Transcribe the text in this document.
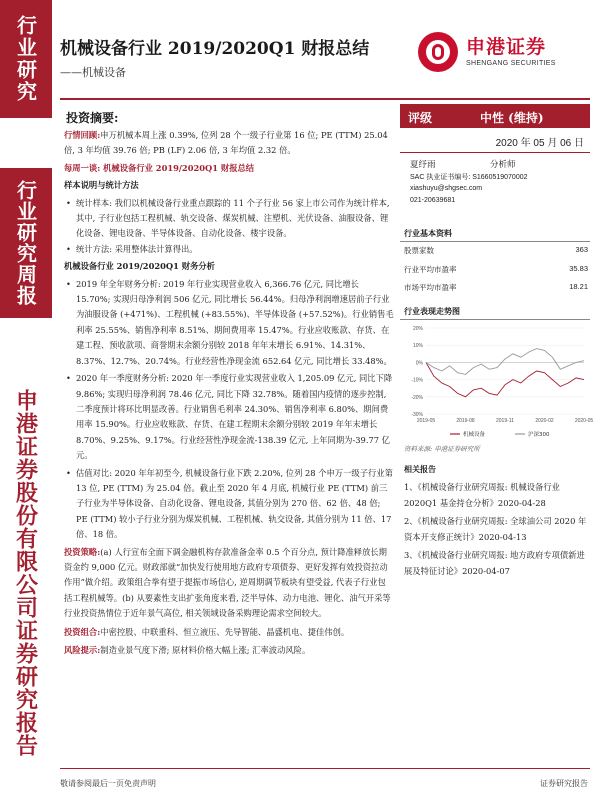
行业研究
行业研究周报
申港证券股份有限公司证券研究报告
机械设备行业 2019/2020Q1 财报总结
——机械设备
申港证券
SHENGANG SECURITIES
投资摘要:

行情回顾:申万机械本周上涨 0.39%, 位列 28 个一级子行业第 16 位; PE (TTM) 25.04 倍, 3 年均值 39.76 倍; PB (LF) 2.06 倍, 3 年均值 2.32 倍。

每周一谈: 机械设备行业 2019/2020Q1 财报总结

样本说明与统计方法

• 统计样本: 我们以机械设备行业重点跟踪的 11 个子行业 56 家上市公司作为统计样本, 其中, 子行业包括工程机械、轨交设备、煤炭机械、注塑机、光伏设备、油服设备、锂化设备、锂电设备、半导体设备、自动化设备、楼宇设备。

• 统计方法: 采用整体法计算得出。

机械设备行业 2019/2020Q1 财务分析

• 2019 年全年财务分析: 2019 年行业实现营业收入 6,366.76 亿元, 同比增长 15.70%; 实现归母净利润 506 亿元, 同比增长 56.44%。归母净利润增速居前子行业为油服设备 (+471%)、工程机械 (+83.55%)、半导体设备 (+57.52%)。行业销售毛利率 25.55%、销售净利率 8.51%、期间费用率 15.47%。行业应收账款、存货、在建工程、预收款项、商誉期末余额分别较 2018 年年末增长 6.91%、14.31%、8.37%、12.7%、20.74%。行业经营性净现金流 652.64 亿元, 同比增长 33.48%。

• 2020 年一季度财务分析: 2020 年一季度行业实现营业收入 1,205.09 亿元, 同比下降 9.86%; 实现归母净利润 78.46 亿元, 同比下降 32.78%。随着国内疫情的逐步控制, 二季度预计将环比明显改善。行业销售毛利率 24.30%、销售净利率 6.80%、期间费用率 15.90%。行业应收账款、存货、在建工程期末余额分别较 2019 年年末增长 8.70%、9.25%、9.17%。行业经营性净现金流-138.39 亿元, 上年同期为-39.77 亿元。

• 估值对比: 2020 年年初至今, 机械设备行业下跌 2.20%, 位列 28 个申万一级子行业第 13 位, PE (TTM) 为 25.04 倍。截止至 2020 年 4 月底, 机械行业 PE (TTM) 前三子行业为半导体设备、自动化设备、锂电设备, 其值分别为 270 倍、62 倍、48 倍; PE (TTM) 较小子行业分别为煤炭机械、工程机械、轨交设备, 其值分别为 11 倍、17 倍、18 倍。

投资策略:(a) 人行宣布全面下调金融机构存款准备金率 0.5 个百分点, 预计降准释放长期资金约 9,000 亿元。财政部就“加快发行使用地方政府专项债券、更好发挥有效投资拉动作用”做介绍。政策组合拳有望于提振市场信心, 逆周期调节板块有望受益, 代表子行业包括工程机械等。(b) 从要素性支出扩张角度来看, 泛半导体、动力电池、锂化、油气开采等行业投资热情位于近年景气高位, 相关领域设备采购理论需求空间较大。

投资组合:中密控股、中联重科、恒立液压、先导智能、晶盛机电、捷佳伟创。

风险提示:制造业景气度下滑; 原材料价格大幅上涨; 汇率波动风险。

评级	中性 (维持)
2020 年 05 月 06 日
夏纾雨	分析师
SAC 执业证书编号: S1660519070002
xiashuyu@shgsec.com
021-20639681
行业基本资料
股票家数	363
行业平均市盈率	35.83
市场平均市盈率	18.21
行业表现走势图
20%
10%
0%
-10%
-20%
-30%
2019-05	2019-08	2019-11	2020-02	2020-05
机械设备	沪深300
资料来源: 申港证券研究所
相关报告

1、《机械设备行业研究周报: 机械设备行业 2020Q1 基金持仓分析》2020-04-28

2、《机械设备行业研究周报: 全球油公司 2020 年资本开支修正统计》2020-04-13

3、《机械设备行业研究周报: 地方政府专项债新进展及特征讨论》2020-04-07

敬请参阅最后一页免责声明	证券研究报告
